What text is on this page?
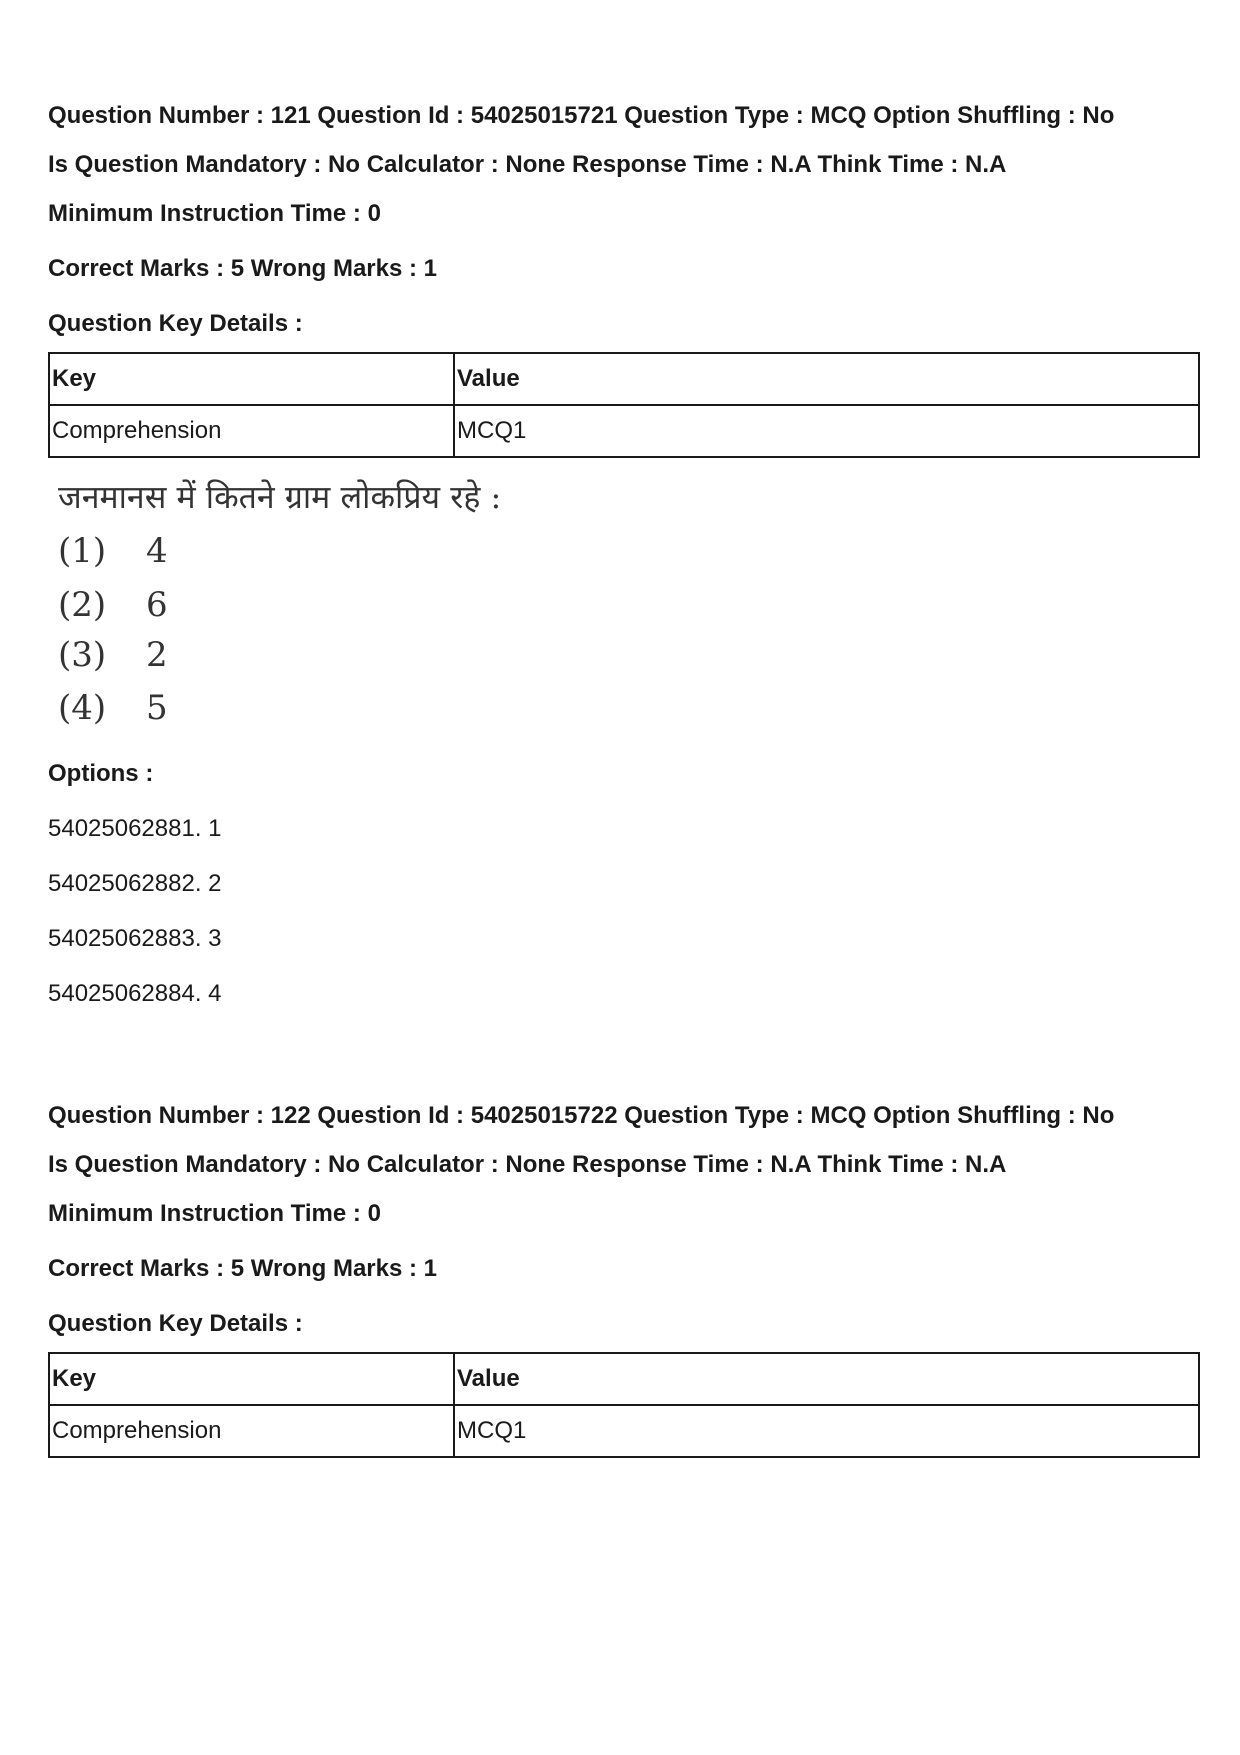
Question Number : 121 Question Id : 54025015721 Question Type : MCQ Option Shuffling : No
Is Question Mandatory : No Calculator : None Response Time : N.A Think Time : N.A
Minimum Instruction Time : 0
Correct Marks : 5 Wrong Marks : 1
Question Key Details :
Key	Value
Comprehension	MCQ1
जनमानस में कितने ग्राम लोकप्रिय रहे :
(1) 4
(2) 6
(3) 2
(4) 5
Options :
54025062881. 1
54025062882. 2
54025062883. 3
54025062884. 4
Question Number : 122 Question Id : 54025015722 Question Type : MCQ Option Shuffling : No
Is Question Mandatory : No Calculator : None Response Time : N.A Think Time : N.A
Minimum Instruction Time : 0
Correct Marks : 5 Wrong Marks : 1
Question Key Details :
Key	Value
Comprehension	MCQ1
